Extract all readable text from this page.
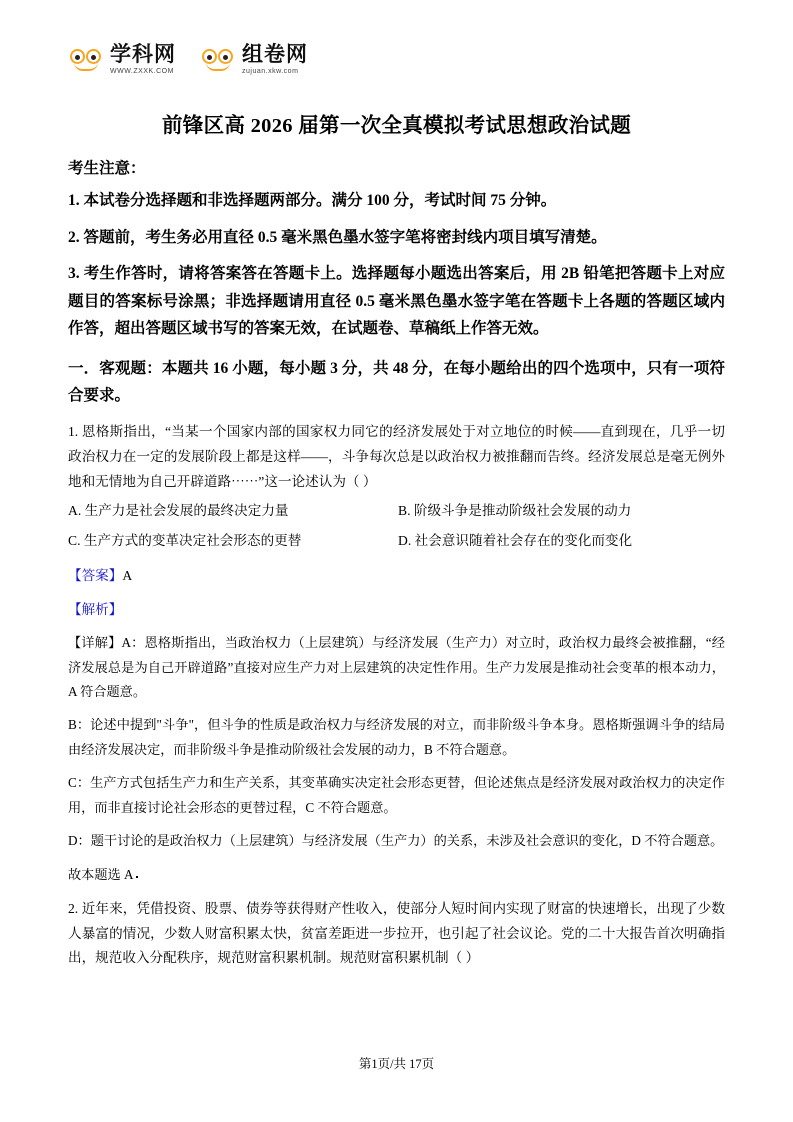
学科网
WWW.ZXXK.COM
组卷网
zujuan.xkw.com
前锋区高 2026 届第一次全真模拟考试思想政治试题
考生注意：

1. 本试卷分选择题和非选择题两部分。满分 100 分，考试时间 75 分钟。

2. 答题前，考生务必用直径 0.5 毫米黑色墨水签字笔将密封线内项目填写清楚。

3. 考生作答时，请将答案答在答题卡上。选择题每小题选出答案后，用 2B 铅笔把答题卡上对应题目的答案标号涂黑；非选择题请用直径 0.5 毫米黑色墨水签字笔在答题卡上各题的答题区域内作答，超出答题区域书写的答案无效，在试题卷、草稿纸上作答无效。

一．客观题：本题共 16 小题，每小题 3 分，共 48 分，在每小题给出的四个选项中，只有一项符合要求。

1. 恩格斯指出，“当某一个国家内部的国家权力同它的经济发展处于对立地位的时候——直到现在，几乎一切政治权力在一定的发展阶段上都是这样——，斗争每次总是以政治权力被推翻而告终。经济发展总是毫无例外地和无情地为自己开辟道路⋯⋯”这一论述认为（ ）

A. 生产力是社会发展的最终决定力量	B. 阶级斗争是推动阶级社会发展的动力
C. 生产方式的变革决定社会形态的更替	D. 社会意识随着社会存在的变化而变化

【答案】A

【解析】

【详解】A：恩格斯指出，当政治权力（上层建筑）与经济发展（生产力）对立时，政治权力最终会被推翻，“经济发展总是为自己开辟道路”直接对应生产力对上层建筑的决定性作用。生产力发展是推动社会变革的根本动力，A 符合题意。

B：论述中提到"斗争"，但斗争的性质是政治权力与经济发展的对立，而非阶级斗争本身。恩格斯强调斗争的结局由经济发展决定，而非阶级斗争是推动阶级社会发展的动力，B 不符合题意。

C：生产方式包括生产力和生产关系，其变革确实决定社会形态更替，但论述焦点是经济发展对政治权力的决定作用，而非直接讨论社会形态的更替过程，C 不符合题意。

D：题干讨论的是政治权力（上层建筑）与经济发展（生产力）的关系，未涉及社会意识的变化，D 不符合题意。

故本题选 A

2. 近年来，凭借投资、股票、债券等获得财产性收入，使部分人短时间内实现了财富的快速增长，出现了少数人暴富的情况，少数人财富积累太快，贫富差距进一步拉开，也引起了社会议论。党的二十大报告首次明确指出，规范收入分配秩序，规范财富积累机制。规范财富积累机制（ ）

第1页/共 17页
